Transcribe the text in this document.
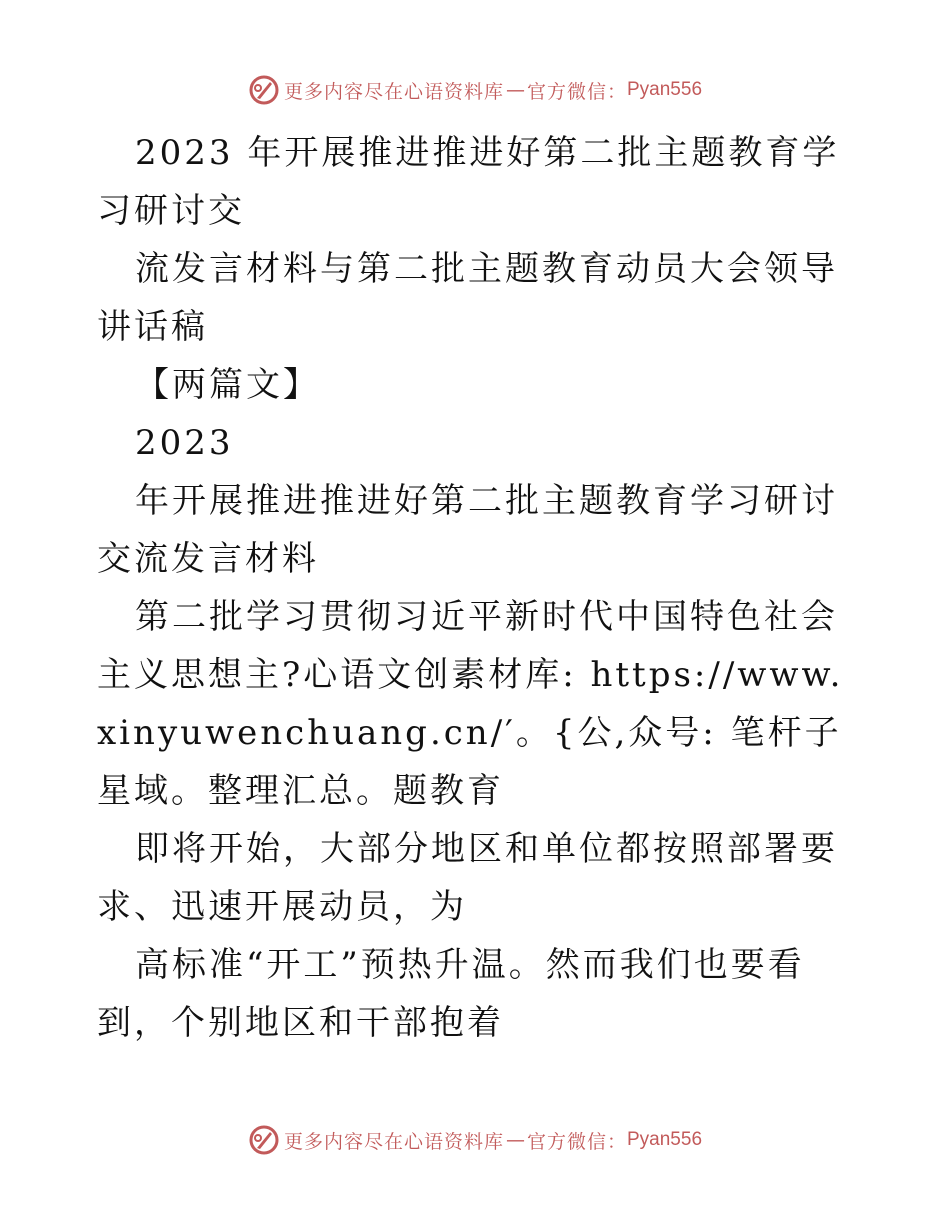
更多内容尽在心语资料库 — 官方微信： Pyan556

2023 年开展推进推进好第二批主题教育学习研讨交

流发言材料与第二批主题教育动员大会领导讲话稿

【两篇文】

2023

年开展推进推进好第二批主题教育学习研讨交流发言材料

第二批学习贯彻习近平新时代中国特色社会主义思想主?心语文创素材库: https://www.xinyuwenchuang.cn/′。{公,众号: 笔杆子星域。整理汇总。题教育

即将开始，大部分地区和单位都按照部署要求、迅速开展动员，为

高标准“开工”预热升温。然而我们也要看到，个别地区和干部抱着

更多内容尽在心语资料库 — 官方微信： Pyan556
